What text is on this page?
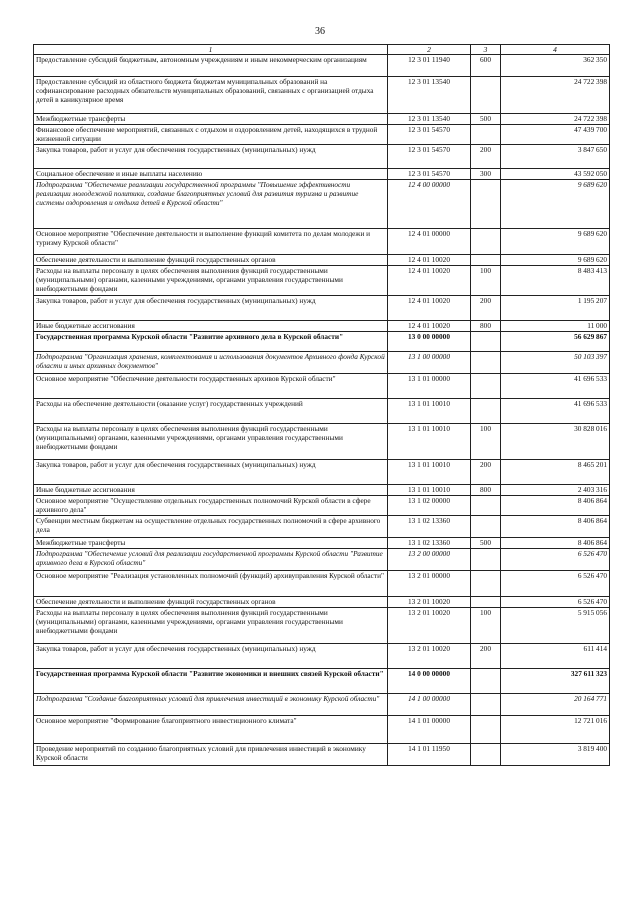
36
1	2	3	4
Предоставление субсидий бюджетным, автономным учреждениям и иным некоммерческим организациям	12 3 01 11940	600	362 350
Предоставление субсидий из областного бюджета бюджетам муниципальных образований на софинансирование расходных обязательств муниципальных образований, связанных с организацией отдыха детей в каникулярное время	12 3 01 13540		24 722 398
Межбюджетные трансферты	12 3 01 13540	500	24 722 398
Финансовое обеспечение мероприятий, связанных с отдыхом и оздоровлением детей, находящихся в трудной жизненной ситуации	12 3 01 54570		47 439 700
Закупка товаров, работ и услуг для обеспечения государственных (муниципальных) нужд	12 3 01 54570	200	3 847 650
Социальное обеспечение и иные выплаты населению	12 3 01 54570	300	43 592 050
Подпрограмма "Обеспечение реализации государственной программы "Повышение эффективности реализации молодежной политики, создание благоприятных условий для развития туризма и развитие системы оздоровления и отдыха детей в Курской области"	12 4 00 00000		9 689 620
Основное мероприятие "Обеспечение деятельности и выполнение функций комитета по делам молодежи и туризму Курской области"	12 4 01 00000		9 689 620
Обеспечение деятельности и выполнение функций государственных органов	12 4 01 10020		9 689 620
Расходы на выплаты персоналу в целях обеспечения выполнения функций государственными (муниципальными) органами, казенными учреждениями, органами управления государственными внебюджетными фондами	12 4 01 10020	100	8 483 413
Закупка товаров, работ и услуг для обеспечения государственных (муниципальных) нужд	12 4 01 10020	200	1 195 207
Иные бюджетные ассигнования	12 4 01 10020	800	11 000
Государственная программа Курской области "Развитие архивного дела в Курской области"	13 0 00 00000		56 629 867
Подпрограмма "Организация хранения, комплектования и использования документов Архивного фонда Курской области и иных архивных документов"	13 1 00 00000		50 103 397
Основное мероприятие "Обеспечение деятельности государственных архивов Курской области"	13 1 01 00000		41 696 533
Расходы на обеспечение деятельности (оказание услуг) государственных учреждений	13 1 01 10010		41 696 533
Расходы на выплаты персоналу в целях обеспечения выполнения функций государственными (муниципальными) органами, казенными учреждениями, органами управления государственными внебюджетными фондами	13 1 01 10010	100	30 828 016
Закупка товаров, работ и услуг для обеспечения государственных (муниципальных) нужд	13 1 01 10010	200	8 465 201
Иные бюджетные ассигнования	13 1 01 10010	800	2 403 316
Основное мероприятие "Осуществление отдельных государственных полномочий Курской области в сфере архивного дела"	13 1 02 00000		8 406 864
Субвенции местным бюджетам на осуществление отдельных государственных полномочий в сфере архивного дела	13 1 02 13360		8 406 864
Межбюджетные трансферты	13 1 02 13360	500	8 406 864
Подпрограмма "Обеспечение условий для реализации государственной программы Курской области "Развитие архивного дела в Курской области"	13 2 00 00000		6 526 470
Основное мероприятие "Реализация установленных полномочий (функций) архивуправления Курской области"	13 2 01 00000		6 526 470
Обеспечение деятельности и выполнение функций государственных органов	13 2 01 10020		6 526 470
Расходы на выплаты персоналу в целях обеспечения выполнения функций государственными (муниципальными) органами, казенными учреждениями, органами управления государственными внебюджетными фондами	13 2 01 10020	100	5 915 056
Закупка товаров, работ и услуг для обеспечения государственных (муниципальных) нужд	13 2 01 10020	200	611 414
Государственная программа Курской области "Развитие экономики и внешних связей Курской области"	14 0 00 00000		327 611 323
Подпрограмма "Создание благоприятных условий для привлечения инвестиций в экономику Курской области"	14 1 00 00000		20 164 771
Основное мероприятие "Формирование благоприятного инвестиционного климата"	14 1 01 00000		12 721 016
Проведение мероприятий по созданию благоприятных условий для привлечения инвестиций в экономику Курской области	14 1 01 11950		3 819 400
